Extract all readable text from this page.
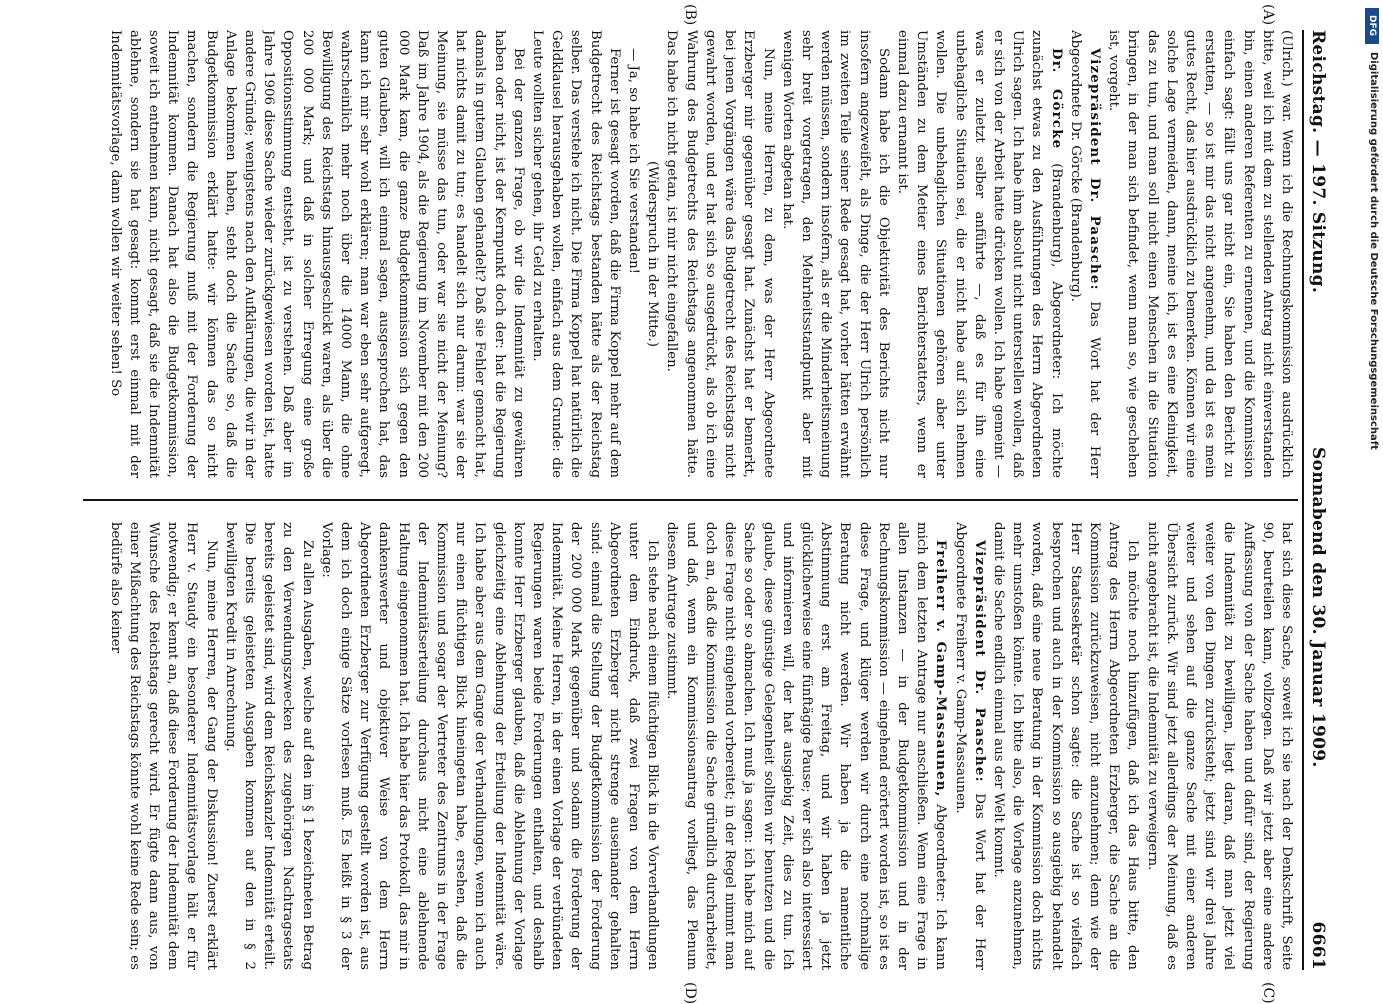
Reichstag. — 197. Sitzung.
Sonnabend den 30. Januar 1909.
6661
(A)
(B)
(C)
(D)

(Ulrich.) war. Wenn ich die Rechnungskommission ausdrücklich bitte, weil ich mit dem zu stellenden Antrag nicht einverstanden bin, einen anderen Referenten zu ernennen, und die Kommission einfach sagt: fällt uns gar nicht ein, Sie haben den Bericht zu erstatten, — so ist mir das nicht angenehm, und da ist es mein gutes Recht, das hier ausdrücklich zu bemerken. Können wir eine solche Lage vermeiden, dann, meine ich, ist es eine Kleinigkeit, das zu tun, und man soll nicht einen Menschen in die Situation bringen, in der man sich befindet, wenn man so, wie geschehen ist, vorgeht.

Vizepräsident Dr. Paasche: Das Wort hat der Herr Abgeordnete Dr. Görcke (Brandenburg).

Dr. Görcke (Brandenburg), Abgeordneter: Ich möchte zunächst etwas zu den Ausführungen des Herrn Abgeordneten Ulrich sagen. Ich habe ihm absolut nicht unterstellen wollen, daß er sich von der Arbeit hatte drücken wollen. Ich habe gemeint — was er zuletzt selber anführte —, daß es für ihn eine unbehagliche Situation sei, die er nicht habe auf sich nehmen wollen. Die unbehaglichen Situationen gehören aber unter Umständen zu dem Metier eines Berichterstatters, wenn er einmal dazu ernannt ist.

Sodann habe ich die Objektivität des Berichts nicht nur insofern angezweifelt, als Dinge, die der Herr Ulrich persönlich im zweiten Teile seiner Rede gesagt hat, vorher hätten erwähnt werden müssen, sondern insofern, als er die Minderheitsmeinung sehr breit vorgetragen, den Mehrheitsstandpunkt aber mit wenigen Worten abgetan hat.

Nun, meine Herren, zu dem, was der Herr Abgeordnete Erzberger mir gegenüber gesagt hat. Zunächst hat er bemerkt, bei jenen Vorgängen wäre das Budgetrecht des Reichstags nicht gewahrt worden, und er hat sich so ausgedrückt, als ob ich eine Wahrung des Budgetrechts des Reichstags angenommen hätte. Das habe ich nicht getan, ist mir nicht eingefallen.

(Widerspruch in der Mitte.)

— Ja, so habe ich Sie verstanden!

Ferner ist gesagt worden, daß die Firma Koppel mehr auf dem Budgetrecht des Reichstags bestanden hätte als der Reichstag selber. Das verstehe ich nicht. Die Firma Koppel hat natürlich die Geldklausel herausgehaben wollen, einfach aus dem Grunde: die Leute wollten sicher gehen, ihr Geld zu erhalten.

Bei der ganzen Frage, ob wir die Indemnität zu gewähren haben oder nicht, ist der Kernpunkt doch der: hat die Regierung damals in gutem Glauben gehandelt? Daß sie Fehler gemacht hat, hat nichts damit zu tun; es handelt sich nur darum: war sie der Meinung, sie müsse das tun, oder war sie nicht der Meinung? Daß im Jahre 1904, als die Regierung im November mit den 200 000 Mark kam, die ganze Budgetkommission sich gegen den guten Glauben, will ich einmal sagen, ausgesprochen hat, das kann ich mir sehr wohl erklären; man war eben sehr aufgeregt, wahrscheinlich mehr noch über die 14000 Mann, die ohne Bewilligung des Reichstags hinausgeschickt waren, als über die 200 000 Mark; und daß in solcher Erregung eine große Oppositionsstimmung entsteht, ist zu verstehen. Daß aber im Jahre 1906 diese Sache wieder zurückgewiesen worden ist, hatte andere Gründe; wenigstens nach den Aufklärungen, die wir in der Anlage bekommen haben, steht doch die Sache so, daß die Budgetkommission erklärt hatte: wir können das so nicht machen, sondern die Regierung muß mit der Forderung der Indemnität kommen. Danach hat also die Budgetkommission, soweit ich entnehmen kann, nicht gesagt, daß sie die Indemnität ablehne, sondern sie hat gesagt: kommt erst einmal mit der Indemnitätsvorlage, dann wollen wir weiter sehen! So

hat sich diese Sache, soweit ich sie nach der Denkschrift, Seite 90, beurteilen kann, vollzogen. Daß wir jetzt aber eine andere Auffassung von der Sache haben und dafür sind, der Regierung die Indemnität zu bewilligen, liegt daran, daß man jetzt viel weiter von den Dingen zurücksteht; jetzt sind wir drei Jahre weiter und sehen auf die ganze Sache mit einer anderen Übersicht zurück. Wir sind jetzt allerdings der Meinung, daß es nicht angebracht ist, die Indemnität zu verweigern.

Ich möchte noch hinzufügen, daß ich das Haus bitte, den Antrag des Herrn Abgeordneten Erzberger, die Sache an die Kommission zurückzuweisen, nicht anzunehmen; denn wie der Herr Staatssekretär schon sagte: die Sache ist so vielfach besprochen und auch in der Kommission so ausgiebig behandelt worden, daß eine neue Beratung in der Kommission doch nichts mehr umstoßen könnte. Ich bitte also, die Vorlage anzunehmen, damit die Sache endlich einmal aus der Welt kommt.

Vizepräsident Dr. Paasche: Das Wort hat der Herr Abgeordnete Freiherr v. Gamp-Massaunen.

Freiherr v. Gamp-Massaunen, Abgeordneter: Ich kann mich dem letzten Antrage nur anschließen. Wenn eine Frage in allen Instanzen — in der Budgetkommission und in der Rechnungskommission — eingehend erörtert worden ist, so ist es diese Frage, und klüger werden wir durch eine nochmalige Beratung nicht werden. Wir haben ja die namentliche Abstimmung erst am Freitag, und wir haben ja jetzt glücklicherweise eine fünftägige Pause; wer sich also interessiert und informieren will, der hat ausgiebig Zeit, dies zu tun. Ich glaube, diese günstige Gelegenheit sollten wir benutzen und die Sache so oder so abmachen. Ich muß ja sagen: ich habe mich auf diese Frage nicht eingehend vorbereitet; in der Regel nimmt man doch an, daß die Kommission die Sache gründlich durcharbeitet, und daß, wenn ein Kommissionsantrag vorliegt, das Plenum diesem Antrage zustimmt.

Ich stehe nach einem flüchtigen Blick in die Vorverhandlungen unter dem Eindruck, daß zwei Fragen von dem Herrn Abgeordneten Erzberger nicht strenge auseinander gehalten sind: einmal die Stellung der Budgetkommission der Forderung der 200 000 Mark gegenüber und sodann die Forderung der Indemnität. Meine Herren, in der einen Vorlage der verbündeten Regierungen waren beide Forderungen enthalten, und deshalb konnte Herr Erzberger glauben, daß die Ablehnung der Vorlage gleichzeitig eine Ablehnung der Erteilung der Indemnität wäre. Ich habe aber aus dem Gange der Verhandlungen, wenn ich auch nur einen flüchtigen Blick hineingetan habe, ersehen, daß die Kommission und sogar der Vertreter des Zentrums in der Frage der Indemnitätserteilung durchaus nicht eine ablehnende Haltung eingenommen hat. Ich habe hier das Protokoll, das mir in dankenswerter und objektiver Weise von dem Herrn Abgeordneten Erzberger zur Verfügung gestellt worden ist, aus dem ich doch einige Sätze vorlesen muß. Es heißt in § 3 der Vorlage:

Zu allen Ausgaben, welche auf den im § 1 bezeichneten Betrag zu den Verwendungszwecken des zugehörigen Nachtragsetats bereits geleistet sind, wird dem Reichskanzler Indemnität erteilt. Die bereits geleisteten Ausgaben kommen auf den in § 2 bewilligten Kredit in Anrechnung.

Nun, meine Herren, der Gang der Diskussion! Zuerst erklärt Herr v. Staudy ein besonderer Indemnitätsvorlage hält er für notwendig; er kennt an, daß diese Forderung der Indemnität dem Wunsche des Reichstags gerecht wird. Er fügte dann aus, von einer Mißachtung des Reichstags könnte wohl keine Rede sein; es bedürfe also keiner

DFG
Digitalisierung gefördert durch die Deutsche Forschungsgemeinschaft
